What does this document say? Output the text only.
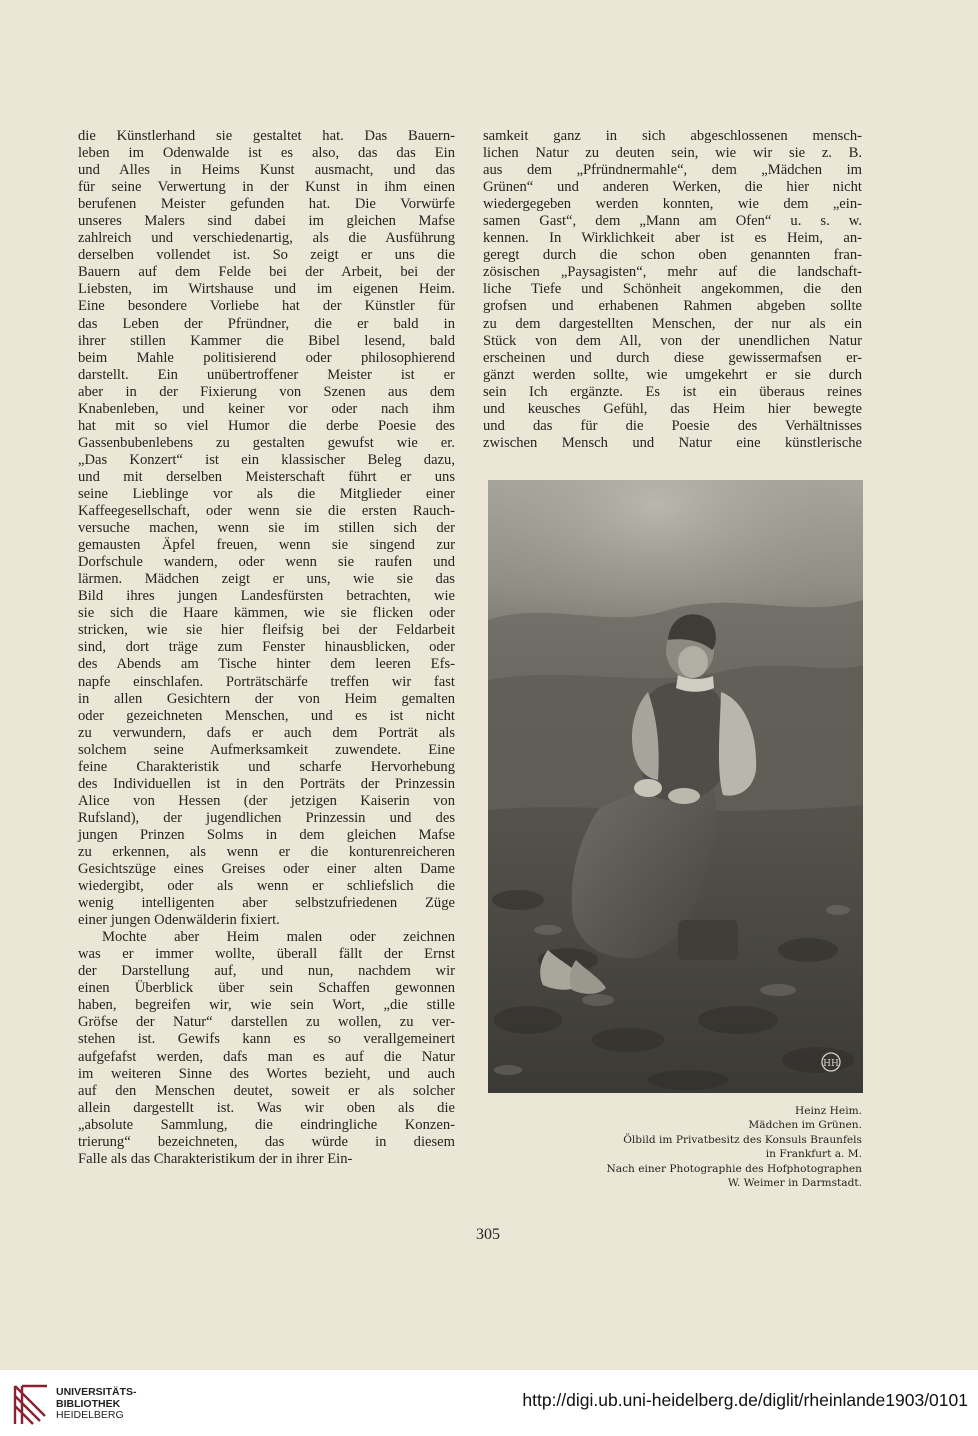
die Künstlerhand sie gestaltet hat. Das Bauern-
leben im Odenwalde ist es also, das das Ein
und Alles in Heims Kunst ausmacht, und das
für seine Verwertung in der Kunst in ihm einen
berufenen Meister gefunden hat. Die Vorwürfe
unseres Malers sind dabei im gleichen Mafse
zahlreich und verschiedenartig, als die Ausführung
derselben vollendet ist. So zeigt er uns die
Bauern auf dem Felde bei der Arbeit, bei der
Liebsten, im Wirtshause und im eigenen Heim.
Eine besondere Vorliebe hat der Künstler für
das Leben der Pfründner, die er bald in
ihrer stillen Kammer die Bibel lesend, bald
beim Mahle politisierend oder philosophierend
darstellt. Ein unübertroffener Meister ist er
aber in der Fixierung von Szenen aus dem
Knabenleben, und keiner vor oder nach ihm
hat mit so viel Humor die derbe Poesie des
Gassenbubenlebens zu gestalten gewufst wie er.
„Das Konzert“ ist ein klassischer Beleg dazu,
und mit derselben Meisterschaft führt er uns
seine Lieblinge vor als die Mitglieder einer
Kaffeegesellschaft, oder wenn sie die ersten Rauch-
versuche machen, wenn sie im stillen sich der
gemausten Äpfel freuen, wenn sie singend zur
Dorfschule wandern, oder wenn sie raufen und
lärmen. Mädchen zeigt er uns, wie sie das
Bild ihres jungen Landesfürsten betrachten, wie
sie sich die Haare kämmen, wie sie flicken oder
stricken, wie sie hier fleifsig bei der Feldarbeit
sind, dort träge zum Fenster hinausblicken, oder
des Abends am Tische hinter dem leeren Efs-
napfe einschlafen. Porträtschärfe treffen wir fast
in allen Gesichtern der von Heim gemalten
oder gezeichneten Menschen, und es ist nicht
zu verwundern, dafs er auch dem Porträt als
solchem seine Aufmerksamkeit zuwendete. Eine
feine Charakteristik und scharfe Hervorhebung
des Individuellen ist in den Porträts der Prinzessin
Alice von Hessen (der jetzigen Kaiserin von
Rufsland), der jugendlichen Prinzessin und des
jungen Prinzen Solms in dem gleichen Mafse
zu erkennen, als wenn er die konturenreicheren
Gesichtszüge eines Greises oder einer alten Dame
wiedergibt, oder als wenn er schliefslich die
wenig intelligenten aber selbstzufriedenen Züge
einer jungen Odenwälderin fixiert.
Mochte aber Heim malen oder zeichnen
was er immer wollte, überall fällt der Ernst
der Darstellung auf, und nun, nachdem wir
einen Überblick über sein Schaffen gewonnen
haben, begreifen wir, wie sein Wort, „die stille
Gröfse der Natur“ darstellen zu wollen, zu ver-
stehen ist. Gewifs kann es so verallgemeinert
aufgefafst werden, dafs man es auf die Natur
im weiteren Sinne des Wortes bezieht, und auch
auf den Menschen deutet, soweit er als solcher
allein dargestellt ist. Was wir oben als die
„absolute Sammlung, die eindringliche Konzen-
trierung“ bezeichneten, das würde in diesem
Falle als das Charakteristikum der in ihrer Ein-
samkeit ganz in sich abgeschlossenen mensch-
lichen Natur zu deuten sein, wie wir sie z. B.
aus dem „Pfründnermahle“, dem „Mädchen im
Grünen“ und anderen Werken, die hier nicht
wiedergegeben werden konnten, wie dem „ein-
samen Gast“, dem „Mann am Ofen“ u. s. w.
kennen. In Wirklichkeit aber ist es Heim, an-
geregt durch die schon oben genannten fran-
zösischen „Paysagisten“, mehr auf die landschaft-
liche Tiefe und Schönheit angekommen, die den
grofsen und erhabenen Rahmen abgeben sollte
zu dem dargestellten Menschen, der nur als ein
Stück von dem All, von der unendlichen Natur
erscheinen und durch diese gewissermafsen er-
gänzt werden sollte, wie umgekehrt er sie durch
sein Ich ergänzte. Es ist ein überaus reines
und keusches Gefühl, das Heim hier bewegte
und das für die Poesie des Verhältnisses
zwischen Mensch und Natur eine künstlerische
HH
Heinz Heim.
Mädchen im Grünen.
Ölbild im Privatbesitz des Konsuls Braunfels
in Frankfurt a. M.
Nach einer Photographie des Hofphotographen
W. Weimer in Darmstadt.
305
UNIVERSITÄTS-
BIBLIOTHEK
HEIDELBERG
http://digi.ub.uni-heidelberg.de/diglit/rheinlande1903/0101
